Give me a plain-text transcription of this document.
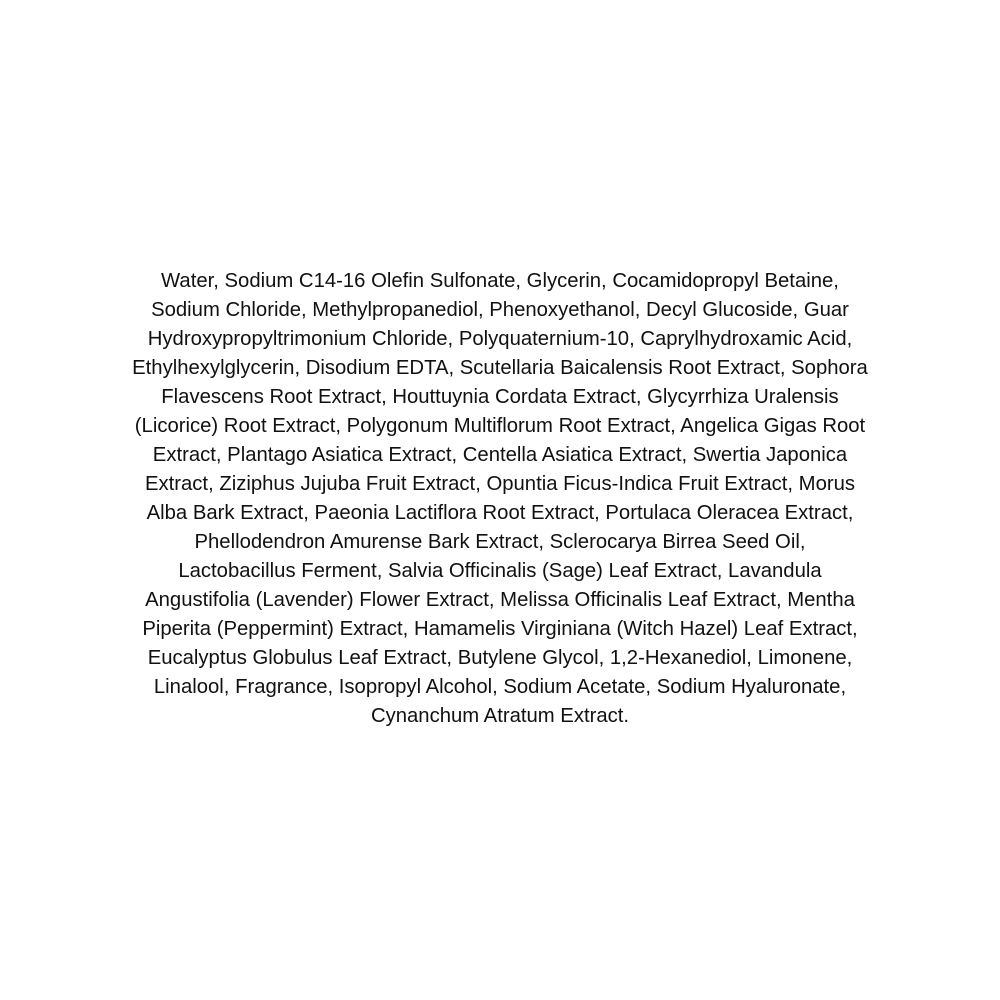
Water, Sodium C14-16 Olefin Sulfonate, Glycerin, Cocamidopropyl Betaine,
Sodium Chloride, Methylpropanediol, Phenoxyethanol, Decyl Glucoside, Guar
Hydroxypropyltrimonium Chloride, Polyquaternium-10, Caprylhydroxamic Acid,
Ethylhexylglycerin, Disodium EDTA, Scutellaria Baicalensis Root Extract, Sophora
Flavescens Root Extract, Houttuynia Cordata Extract, Glycyrrhiza Uralensis
(Licorice) Root Extract, Polygonum Multiflorum Root Extract, Angelica Gigas Root
Extract, Plantago Asiatica Extract, Centella Asiatica Extract, Swertia Japonica
Extract, Ziziphus Jujuba Fruit Extract, Opuntia Ficus-Indica Fruit Extract, Morus
Alba Bark Extract, Paeonia Lactiflora Root Extract, Portulaca Oleracea Extract,
Phellodendron Amurense Bark Extract, Sclerocarya Birrea Seed Oil,
Lactobacillus Ferment, Salvia Officinalis (Sage) Leaf Extract, Lavandula
Angustifolia (Lavender) Flower Extract, Melissa Officinalis Leaf Extract, Mentha
Piperita (Peppermint) Extract, Hamamelis Virginiana (Witch Hazel) Leaf Extract,
Eucalyptus Globulus Leaf Extract, Butylene Glycol, 1,2-Hexanediol, Limonene,
Linalool, Fragrance, Isopropyl Alcohol, Sodium Acetate, Sodium Hyaluronate,
Cynanchum Atratum Extract.
